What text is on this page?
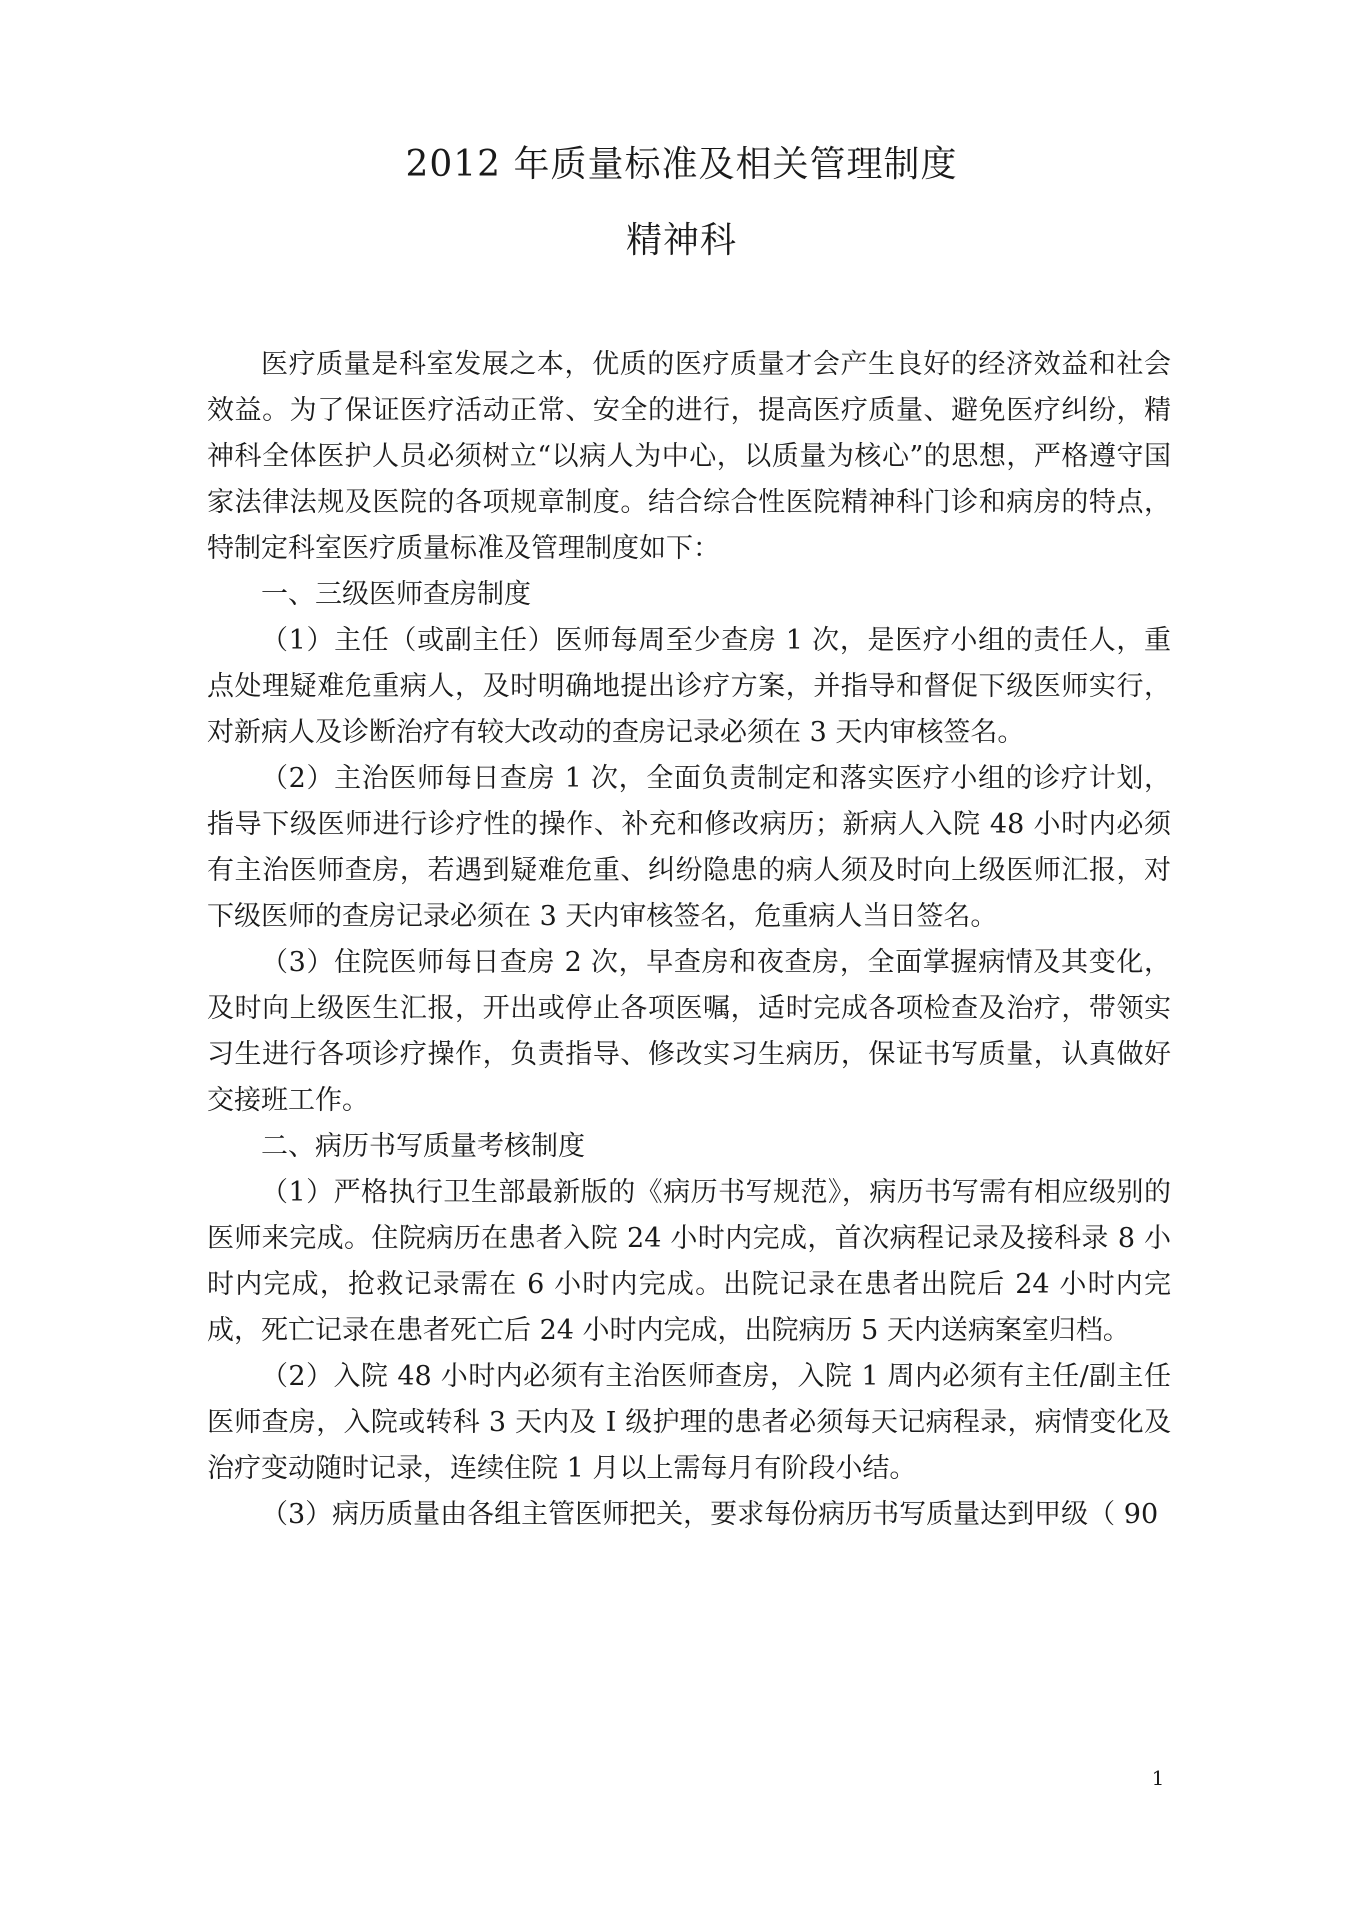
2012 年质量标准及相关管理制度
精神科

医疗质量是科室发展之本，优质的医疗质量才会产生良好的经济效益和社会效益。为了保证医疗活动正常、安全的进行，提高医疗质量、避免医疗纠纷，精神科全体医护人员必须树立“以病人为中心，以质量为核心”的思想，严格遵守国家法律法规及医院的各项规章制度。结合综合性医院精神科门诊和病房的特点，特制定科室医疗质量标准及管理制度如下：

一、三级医师查房制度

（1）主任（或副主任）医师每周至少查房 1 次，是医疗小组的责任人，重点处理疑难危重病人，及时明确地提出诊疗方案，并指导和督促下级医师实行，对新病人及诊断治疗有较大改动的查房记录必须在 3 天内审核签名。

（2）主治医师每日查房 1 次，全面负责制定和落实医疗小组的诊疗计划，指导下级医师进行诊疗性的操作、补充和修改病历；新病人入院 48 小时内必须有主治医师查房，若遇到疑难危重、纠纷隐患的病人须及时向上级医师汇报，对下级医师的查房记录必须在 3 天内审核签名，危重病人当日签名。

（3）住院医师每日查房 2 次，早查房和夜查房，全面掌握病情及其变化，及时向上级医生汇报，开出或停止各项医嘱，适时完成各项检查及治疗，带领实习生进行各项诊疗操作，负责指导、修改实习生病历，保证书写质量，认真做好交接班工作。

二、病历书写质量考核制度

（1）严格执行卫生部最新版的《病历书写规范》，病历书写需有相应级别的医师来完成。住院病历在患者入院 24 小时内完成，首次病程记录及接科录 8 小时内完成，抢救记录需在 6 小时内完成。出院记录在患者出院后 24 小时内完成，死亡记录在患者死亡后 24 小时内完成，出院病历 5 天内送病案室归档。

（2）入院 48 小时内必须有主治医师查房，入院 1 周内必须有主任/副主任医师查房，入院或转科 3 天内及 I 级护理的患者必须每天记病程录，病情变化及治疗变动随时记录，连续住院 1 月以上需每月有阶段小结。

（3）病历质量由各组主管医师把关，要求每份病历书写质量达到甲级（ 90

1
